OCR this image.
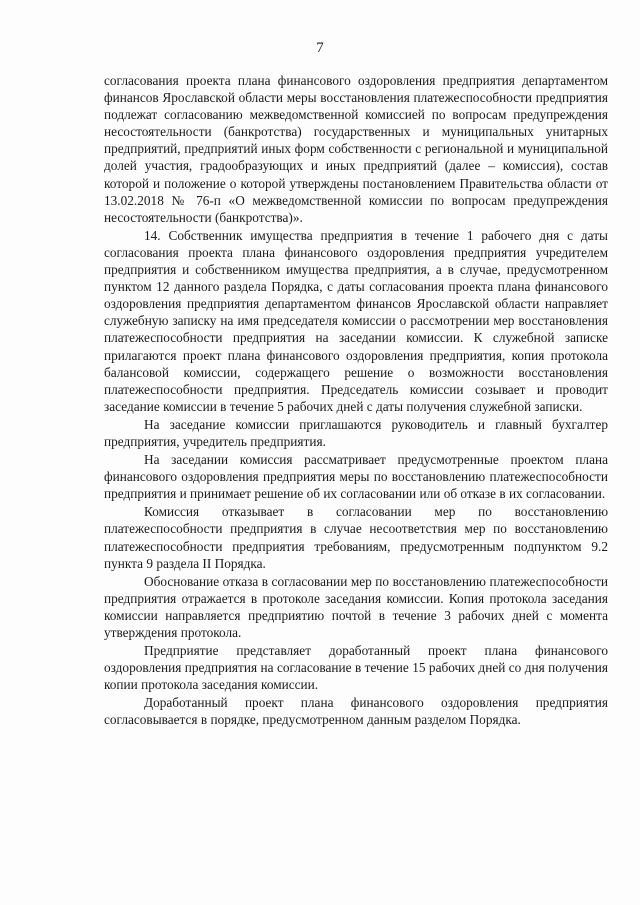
7

согласования проекта плана финансового оздоровления предприятия департаментом финансов Ярославской области меры восстановления платежеспособности предприятия подлежат согласованию межведомственной комиссией по вопросам предупреждения несостоятельности (банкротства) государственных и муниципальных унитарных предприятий, предприятий иных форм собственности с региональной и муниципальной долей участия, градообразующих и иных предприятий (далее – комиссия), состав которой и положение о которой утверждены постановлением Правительства области от 13.02.2018 № 76-п «О межведомственной комиссии по вопросам предупреждения несостоятельности (банкротства)».

14. Собственник имущества предприятия в течение 1 рабочего дня с даты согласования проекта плана финансового оздоровления предприятия учредителем предприятия и собственником имущества предприятия, а в случае, предусмотренном пунктом 12 данного раздела Порядка, с даты согласования проекта плана финансового оздоровления предприятия департаментом финансов Ярославской области направляет служебную записку на имя председателя комиссии о рассмотрении мер восстановления платежеспособности предприятия на заседании комиссии. К служебной записке прилагаются проект плана финансового оздоровления предприятия, копия протокола балансовой комиссии, содержащего решение о возможности восстановления платежеспособности предприятия. Председатель комиссии созывает и проводит заседание комиссии в течение 5 рабочих дней с даты получения служебной записки.

На заседание комиссии приглашаются руководитель и главный бухгалтер предприятия, учредитель предприятия.

На заседании комиссия рассматривает предусмотренные проектом плана финансового оздоровления предприятия меры по восстановлению платежеспособности предприятия и принимает решение об их согласовании или об отказе в их согласовании.

Комиссия отказывает в согласовании мер по восстановлению платежеспособности предприятия в случае несоответствия мер по восстановлению платежеспособности предприятия требованиям, предусмотренным подпунктом 9.2 пункта 9 раздела II Порядка.

Обоснование отказа в согласовании мер по восстановлению платежеспособности предприятия отражается в протоколе заседания комиссии. Копия протокола заседания комиссии направляется предприятию почтой в течение 3 рабочих дней с момента утверждения протокола.

Предприятие представляет доработанный проект плана финансового оздоровления предприятия на согласование в течение 15 рабочих дней со дня получения копии протокола заседания комиссии.

Доработанный проект плана финансового оздоровления предприятия согласовывается в порядке, предусмотренном данным разделом Порядка.
